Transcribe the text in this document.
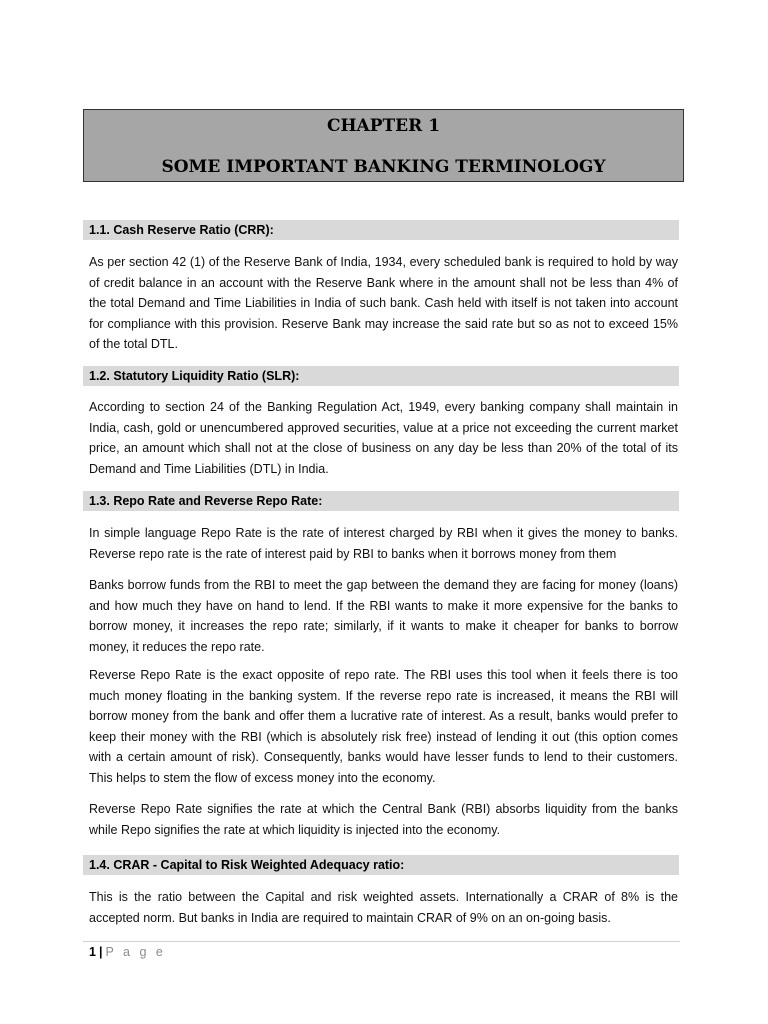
CHAPTER 1
SOME IMPORTANT BANKING TERMINOLOGY
1.1. Cash Reserve Ratio (CRR):

As per section 42 (1) of the Reserve Bank of India, 1934, every scheduled bank is required to hold by way of credit balance in an account with the Reserve Bank where in the amount shall not be less than 4% of the total Demand and Time Liabilities in India of such bank. Cash held with itself is not taken into account for compliance with this provision. Reserve Bank may increase the said rate but so as not to exceed 15% of the total DTL.

1.2. Statutory Liquidity Ratio (SLR):

According to section 24 of the Banking Regulation Act, 1949, every banking company shall maintain in India, cash, gold or unencumbered approved securities, value at a price not exceeding the current market price, an amount which shall not at the close of business on any day be less than 20% of the total of its Demand and Time Liabilities (DTL) in India.

1.3. Repo Rate and Reverse Repo Rate:

In simple language Repo Rate is the rate of interest charged by RBI when it gives the money to banks. Reverse repo rate is the rate of interest paid by RBI to banks when it borrows money from them

Banks borrow funds from the RBI to meet the gap between the demand they are facing for money (loans) and how much they have on hand to lend. If the RBI wants to make it more expensive for the banks to borrow money, it increases the repo rate; similarly, if it wants to make it cheaper for banks to borrow money, it reduces the repo rate.

Reverse Repo Rate is the exact opposite of repo rate. The RBI uses this tool when it feels there is too much money floating in the banking system. If the reverse repo rate is increased, it means the RBI will borrow money from the bank and offer them a lucrative rate of interest. As a result, banks would prefer to keep their money with the RBI (which is absolutely risk free) instead of lending it out (this option comes with a certain amount of risk). Consequently, banks would have lesser funds to lend to their customers. This helps to stem the flow of excess money into the economy.

Reverse Repo Rate signifies the rate at which the Central Bank (RBI) absorbs liquidity from the banks while Repo signifies the rate at which liquidity is injected into the economy.

1.4. CRAR - Capital to Risk Weighted Adequacy ratio:

This is the ratio between the Capital and risk weighted assets. Internationally a CRAR of 8% is the accepted norm. But banks in India are required to maintain CRAR of 9% on an on-going basis.

1 | P a g e
